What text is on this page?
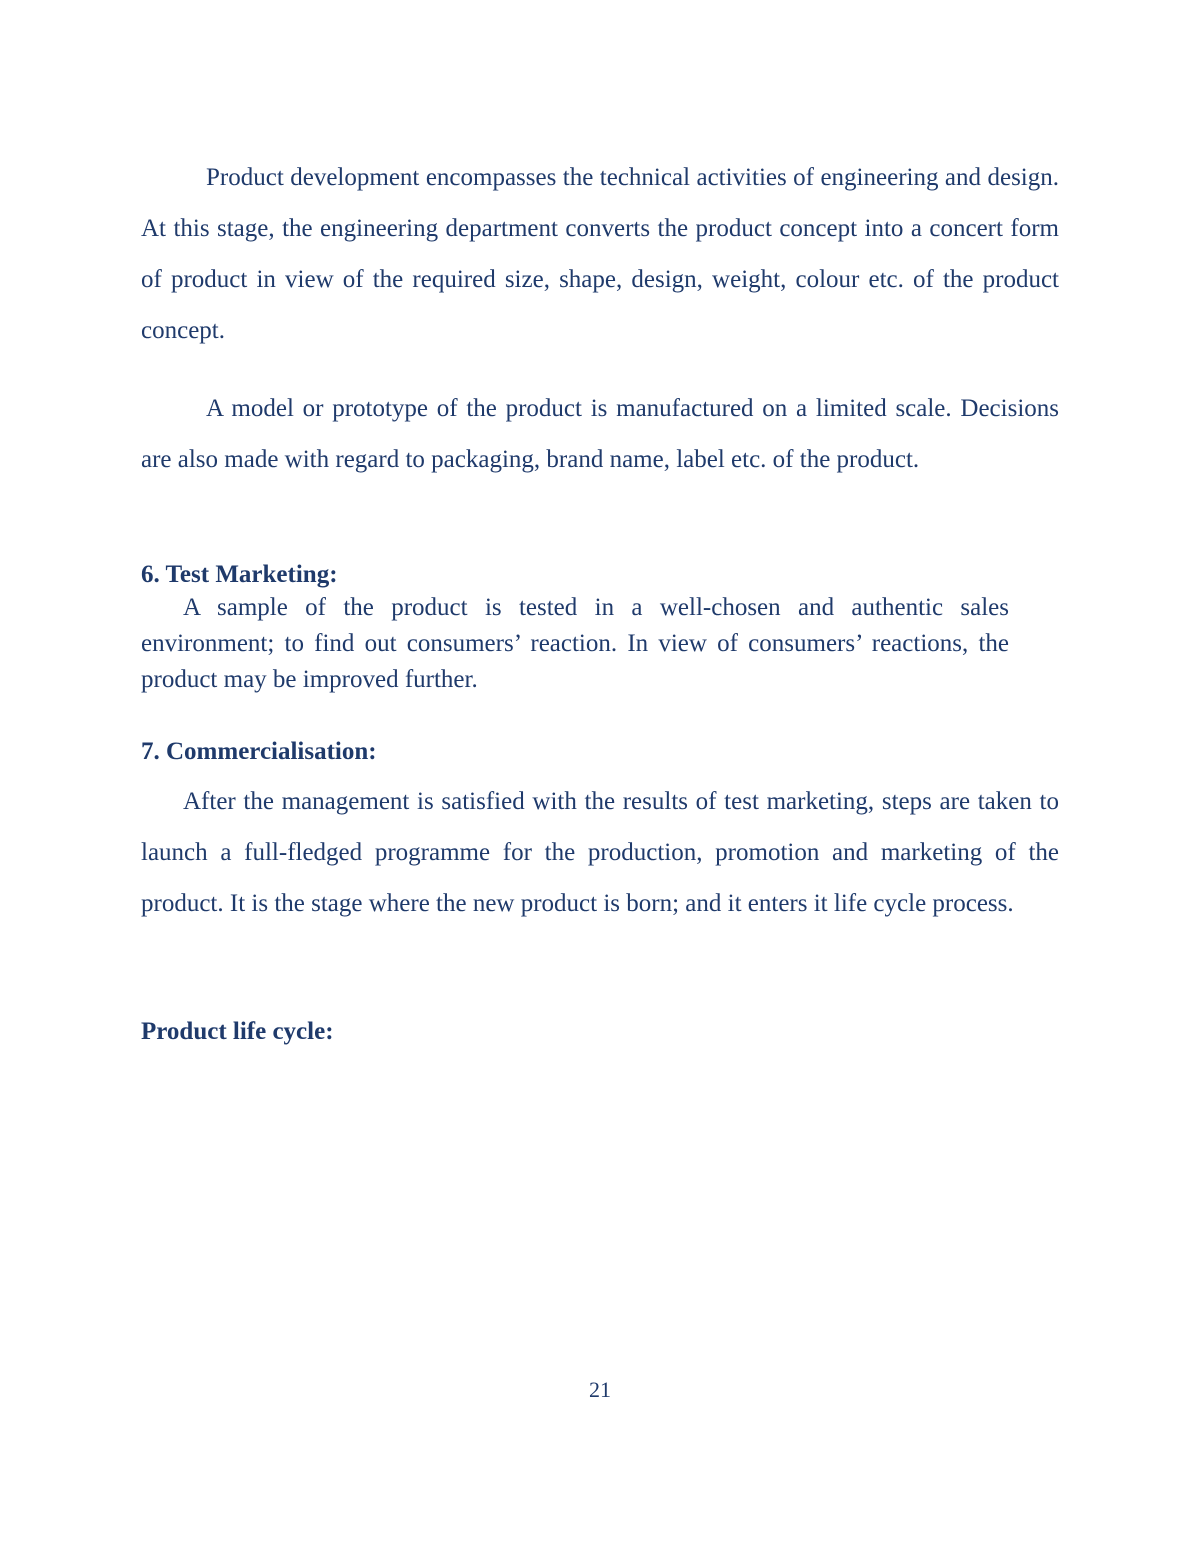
Product development encompasses the technical activities of engineering and design. At this stage, the engineering department converts the product concept into a concert form of product in view of the required size, shape, design, weight, colour etc. of the product concept.

A model or prototype of the product is manufactured on a limited scale. Decisions are also made with regard to packaging, brand name, label etc. of the product.

6. Test Marketing:

A sample of the product is tested in a well-chosen and authentic sales environment; to find out consumers’ reaction. In view of consumers’ reactions, the product may be improved further.

7. Commercialisation:

After the management is satisfied with the results of test marketing, steps are taken to launch a full-fledged programme for the production, promotion and marketing of the product. It is the stage where the new product is born; and it enters it life cycle process.

Product life cycle:
21
